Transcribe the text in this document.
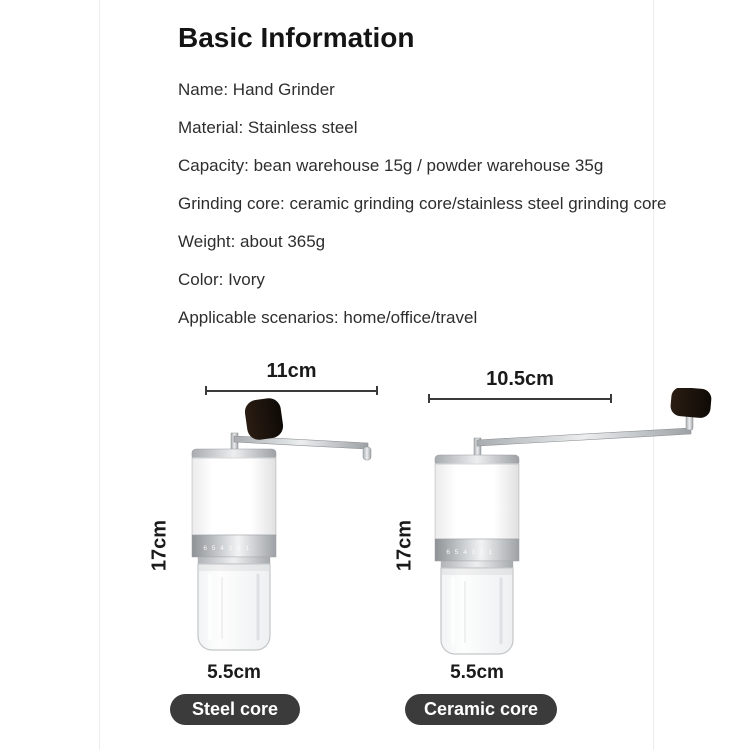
Basic Information

Name: Hand Grinder

Material: Stainless steel

Capacity: bean warehouse 15g / powder warehouse 35g

Grinding core: ceramic grinding core/stainless steel grinding core

Weight: about 365g

Color: Ivory

Applicable scenarios: home/office/travel

11cm
17cm	6 5 4 3 2 1
5.5cm
Steel core
10.5cm
17cm	6 5 4 3 2 1
5.5cm
Ceramic core
